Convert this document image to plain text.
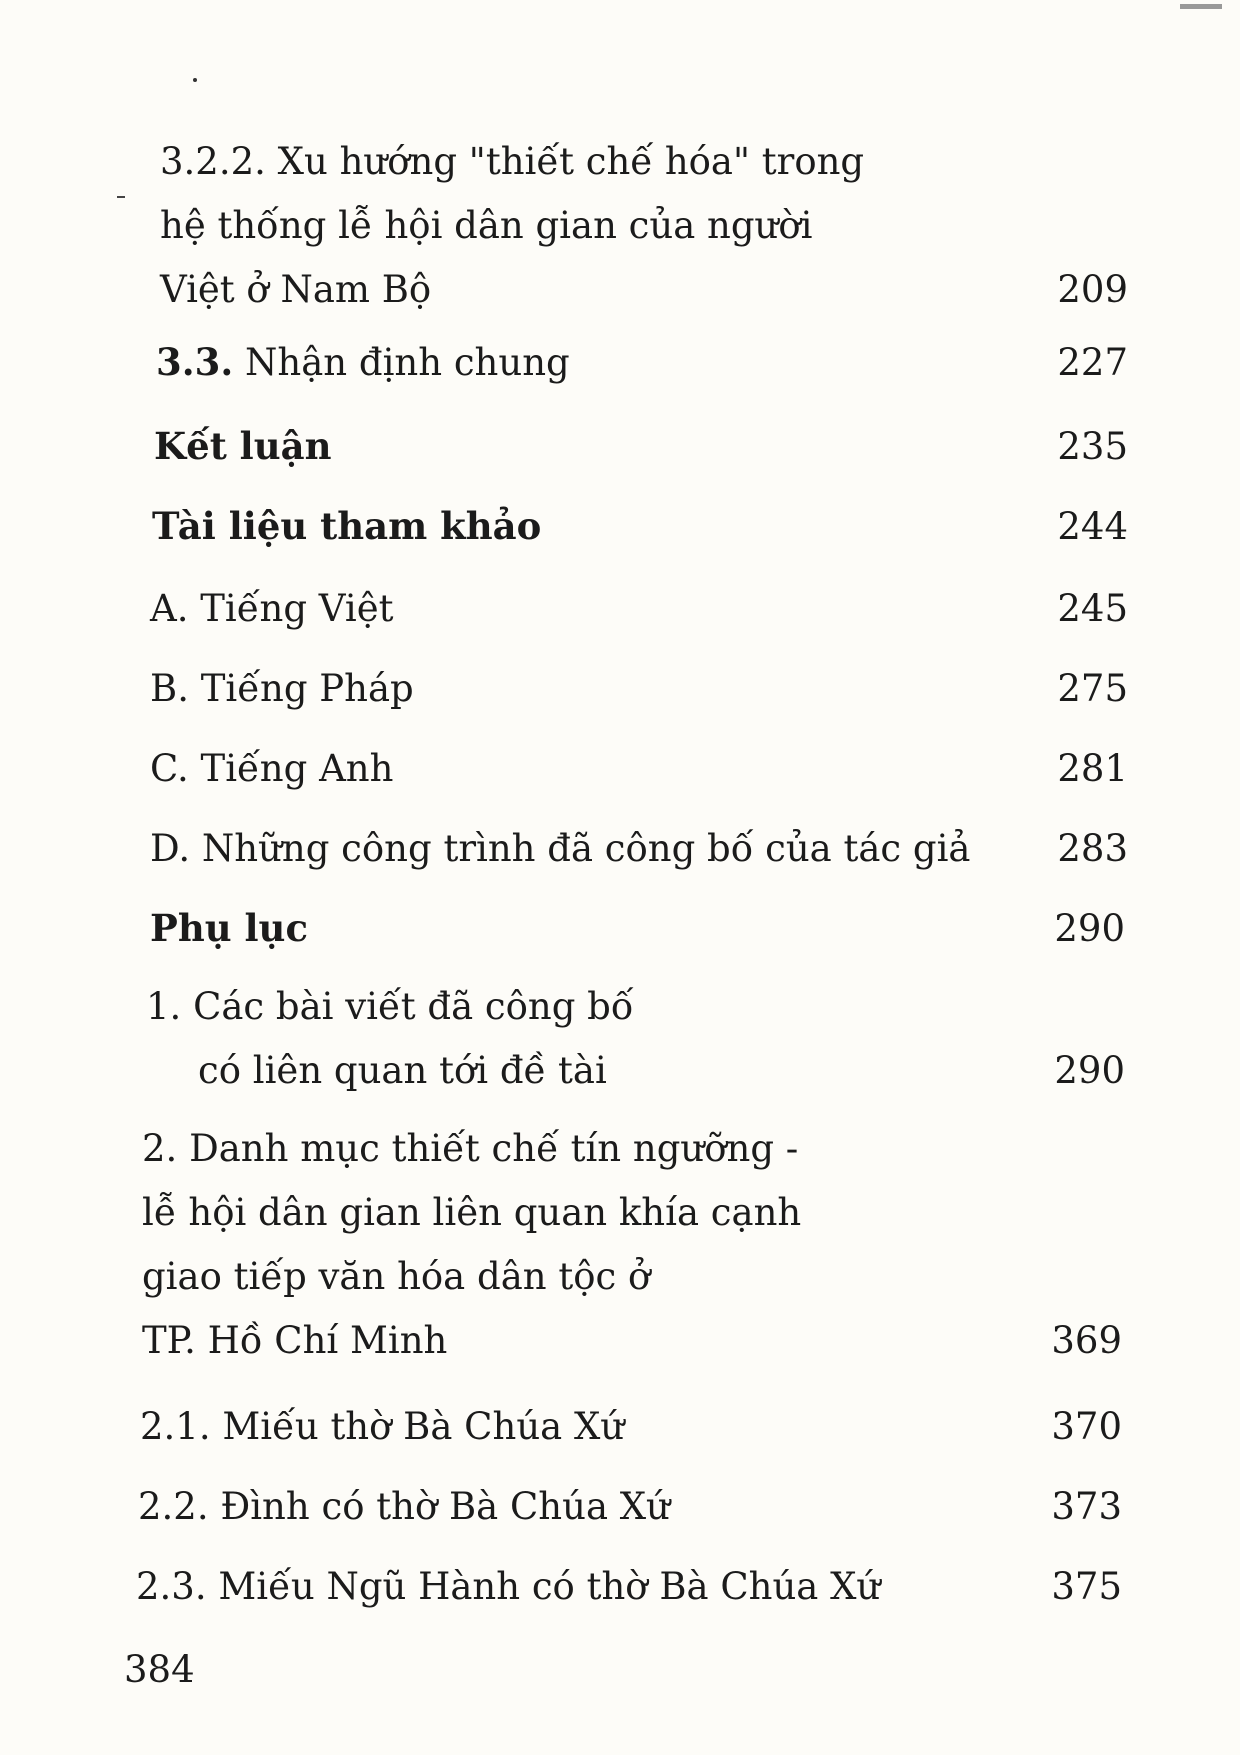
3.2.2. Xu hướng "thiết chế hóa" trong
hệ thống lễ hội dân gian của người
Việt ở Nam Bộ	209
3.3. Nhận định chung	227
Kết luận	235
Tài liệu tham khảo	244
A. Tiếng Việt	245
B. Tiếng Pháp	275
C. Tiếng Anh	281
D. Những công trình đã công bố của tác giả 283
Phụ lục	290
1. Các bài viết đã công bố
có liên quan tới đề tài	290
2. Danh mục thiết chế tín ngưỡng -
lễ hội dân gian liên quan khía cạnh
giao tiếp văn hóa dân tộc ở
TP. Hồ Chí Minh	369
2.1. Miếu thờ Bà Chúa Xứ	370
2.2. Đình có thờ Bà Chúa Xứ	373
2.3. Miếu Ngũ Hành có thờ Bà Chúa Xứ	375
384
